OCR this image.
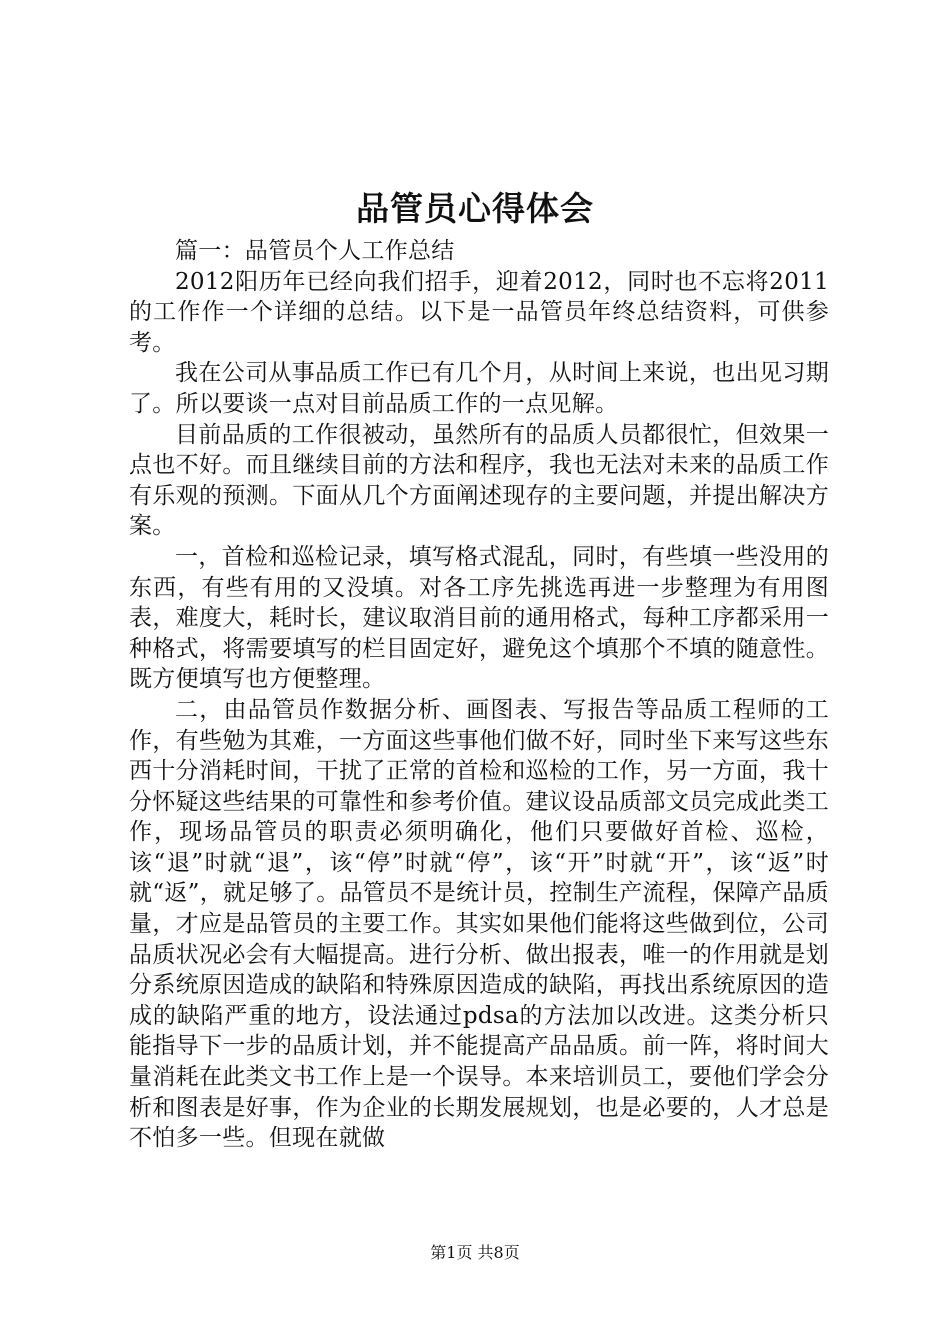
品管员心得体会

篇一：品管员个人工作总结

2012阳历年已经向我们招手，迎着2012，同时也不忘将2011的工作作一个详细的总结。以下是一品管员年终总结资料，可供参考。

我在公司从事品质工作已有几个月，从时间上来说，也出见习期了。所以要谈一点对目前品质工作的一点见解。

目前品质的工作很被动，虽然所有的品质人员都很忙，但效果一点也不好。而且继续目前的方法和程序，我也无法对未来的品质工作有乐观的预测。下面从几个方面阐述现存的主要问题，并提出解决方案。

一，首检和巡检记录，填写格式混乱，同时，有些填一些没用的东西，有些有用的又没填。对各工序先挑选再进一步整理为有用图表，难度大，耗时长，建议取消目前的通用格式，每种工序都采用一种格式，将需要填写的栏目固定好，避免这个填那个不填的随意性。既方便填写也方便整理。

二，由品管员作数据分析、画图表、写报告等品质工程师的工作，有些勉为其难，一方面这些事他们做不好，同时坐下来写这些东西十分消耗时间，干扰了正常的首检和巡检的工作，另一方面，我十分怀疑这些结果的可靠性和参考价值。建议设品质部文员完成此类工作，现场品管员的职责必须明确化，他们只要做好首检、巡检，该“退”时就“退”，该“停”时就“停”，该“开”时就“开”，该“返”时就“返”，就足够了。品管员不是统计员，控制生产流程，保障产品质量，才应是品管员的主要工作。其实如果他们能将这些做到位，公司品质状况必会有大幅提高。进行分析、做出报表，唯一的作用就是划分系统原因造成的缺陷和特殊原因造成的缺陷，再找出系统原因的造成的缺陷严重的地方，设法通过pdsa的方法加以改进。这类分析只能指导下一步的品质计划，并不能提高产品品质。前一阵，将时间大量消耗在此类文书工作上是一个误导。本来培训员工，要他们学会分析和图表是好事，作为企业的长期发展规划，也是必要的，人才总是不怕多一些。但现在就做

第1页 共8页
